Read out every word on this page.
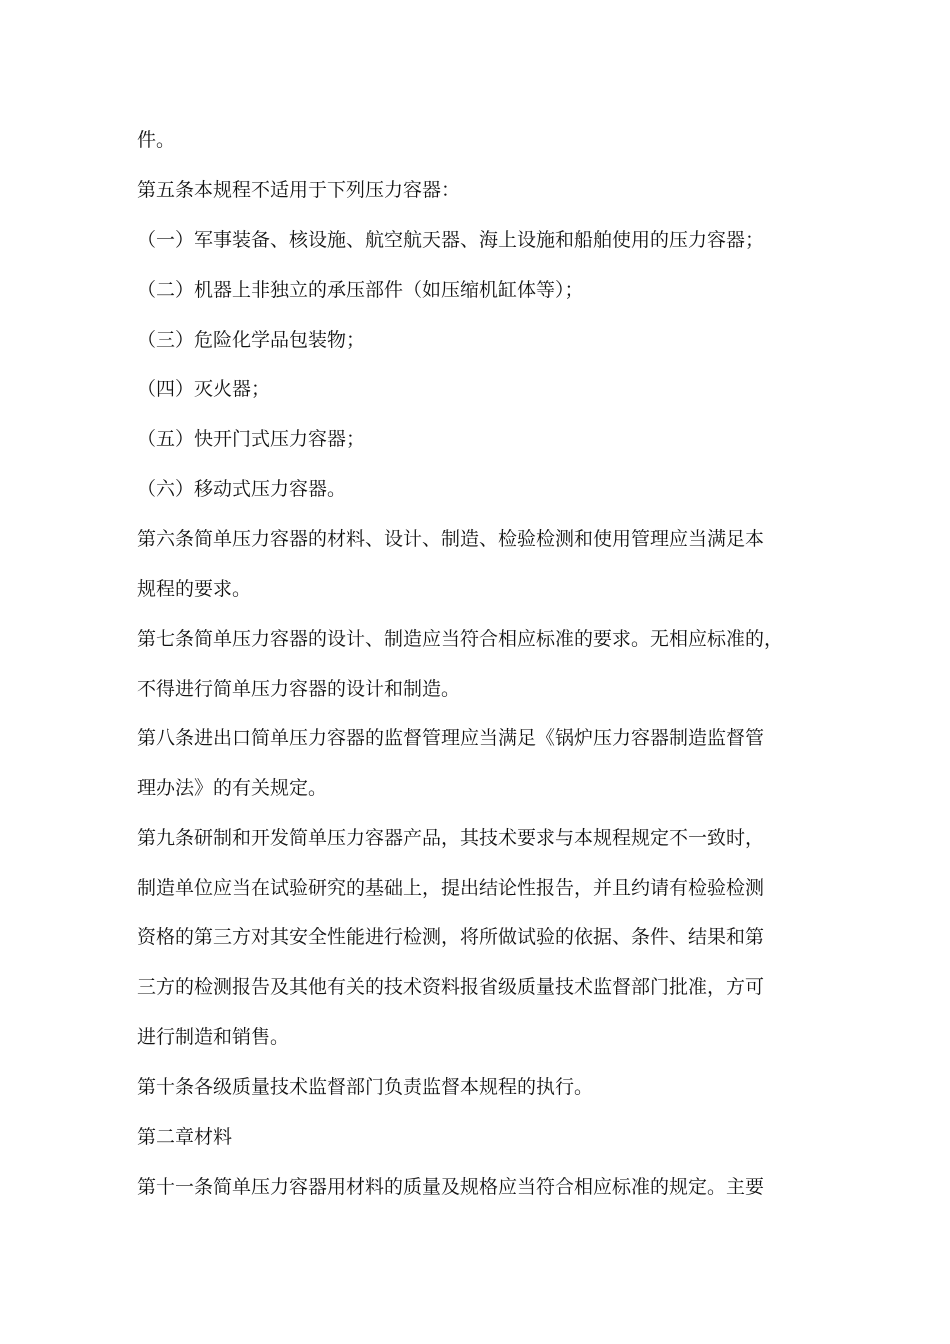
件。

第五条本规程不适用于下列压力容器：

（一）军事装备、核设施、航空航天器、海上设施和船舶使用的压力容器；

（二）机器上非独立的承压部件（如压缩机缸体等）；

（三）危险化学品包装物；

（四）灭火器；

（五）快开门式压力容器；

（六）移动式压力容器。

第六条简单压力容器的材料、设计、制造、检验检测和使用管理应当满足本

规程的要求。

第七条简单压力容器的设计、制造应当符合相应标准的要求。无相应标准的，

不得进行简单压力容器的设计和制造。

第八条进出口简单压力容器的监督管理应当满足《锅炉压力容器制造监督管

理办法》的有关规定。

第九条研制和开发简单压力容器产品，其技术要求与本规程规定不一致时，

制造单位应当在试验研究的基础上，提出结论性报告，并且约请有检验检测

资格的第三方对其安全性能进行检测，将所做试验的依据、条件、结果和第

三方的检测报告及其他有关的技术资料报省级质量技术监督部门批准，方可

进行制造和销售。

第十条各级质量技术监督部门负责监督本规程的执行。

第二章材料

第十一条简单压力容器用材料的质量及规格应当符合相应标准的规定。主要
